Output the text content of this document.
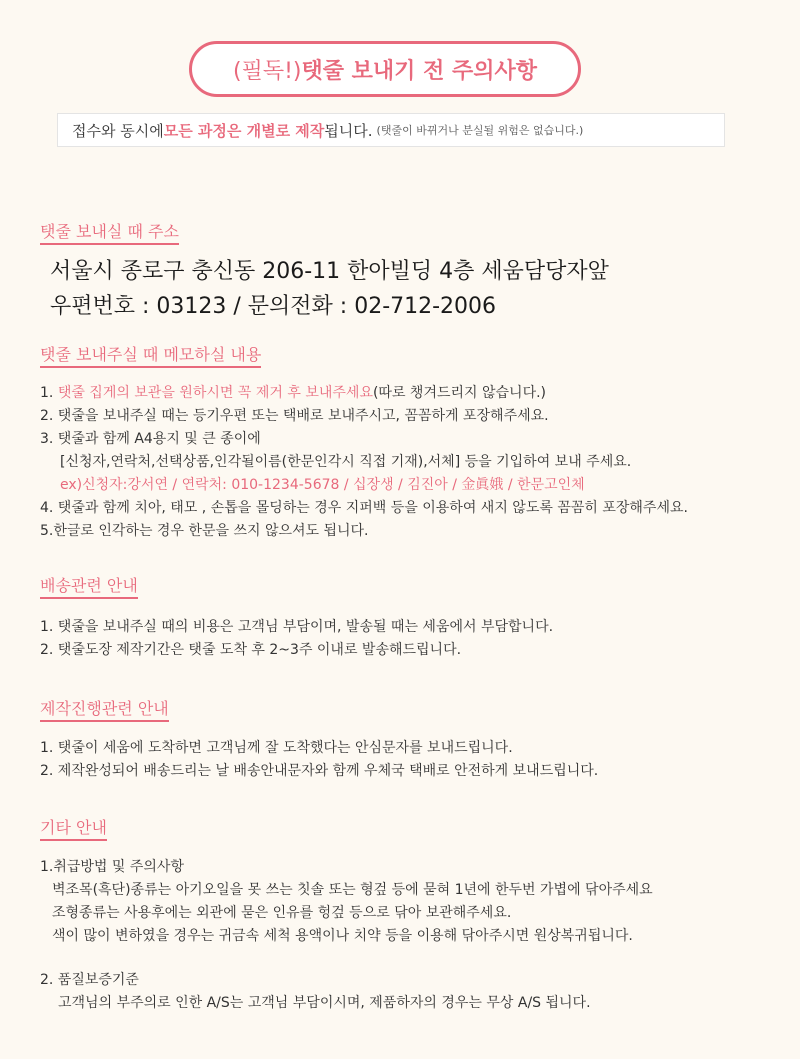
(필독!) 탯줄 보내기 전 주의사항
접수와 동시에 모든 과정은 개별로 제작 됩니다. (탯줄이 바뀌거나 분실될 위험은 없습니다.)
탯줄 보내실 때 주소
서울시 종로구 충신동 206-11 한아빌딩 4층 세움담당자앞
우편번호 : 03123 / 문의전화 : 02-712-2006
탯줄 보내주실 때 메모하실 내용
1. 탯줄 집게의 보관을 원하시면 꼭 제거 후 보내주세요(따로 챙겨드리지 않습니다.)
2. 탯줄을 보내주실 때는 등기우편 또는 택배로 보내주시고, 꼼꼼하게 포장해주세요.
3. 탯줄과 함께 A4용지 및 큰 종이에
[신청자,연락처,선택상품,인각될이름(한문인각시 직접 기재),서체] 등을 기입하여 보내 주세요.
ex)신청자:강서연 / 연락처: 010-1234-5678 / 십장생 / 김진아 / 金眞娥 / 한문고인체
4. 탯줄과 함께 치아, 태모 , 손톱을 몰딩하는 경우 지퍼백 등을 이용하여 새지 않도록 꼼꼼히 포장해주세요.
5.한글로 인각하는 경우 한문을 쓰지 않으셔도 됩니다.
배송관련 안내
1. 탯줄을 보내주실 때의 비용은 고객님 부담이며, 발송될 때는 세움에서 부담합니다.
2. 탯줄도장 제작기간은 탯줄 도착 후 2~3주 이내로 발송해드립니다.
제작진행관련 안내
1. 탯줄이 세움에 도착하면 고객님께 잘 도착했다는 안심문자를 보내드립니다.
2. 제작완성되어 배송드리는 날 배송안내문자와 함께 우체국 택배로 안전하게 보내드립니다.
기타 안내
1.취급방법 및 주의사항
벽조목(흑단)종류는 아기오일을 못 쓰는 칫솔 또는 형겊 등에 묻혀 1년에 한두번 가볍에 닦아주세요
조형종류는 사용후에는 외관에 묻은 인유를 헝겊 등으로 닦아 보관해주세요.
색이 많이 변하였을 경우는 귀금속 세척 용액이나 치약 등을 이용해 닦아주시면 원상복귀됩니다.
2. 품질보증기준
고객님의 부주의로 인한 A/S는 고객님 부담이시며, 제품하자의 경우는 무상 A/S 됩니다.
